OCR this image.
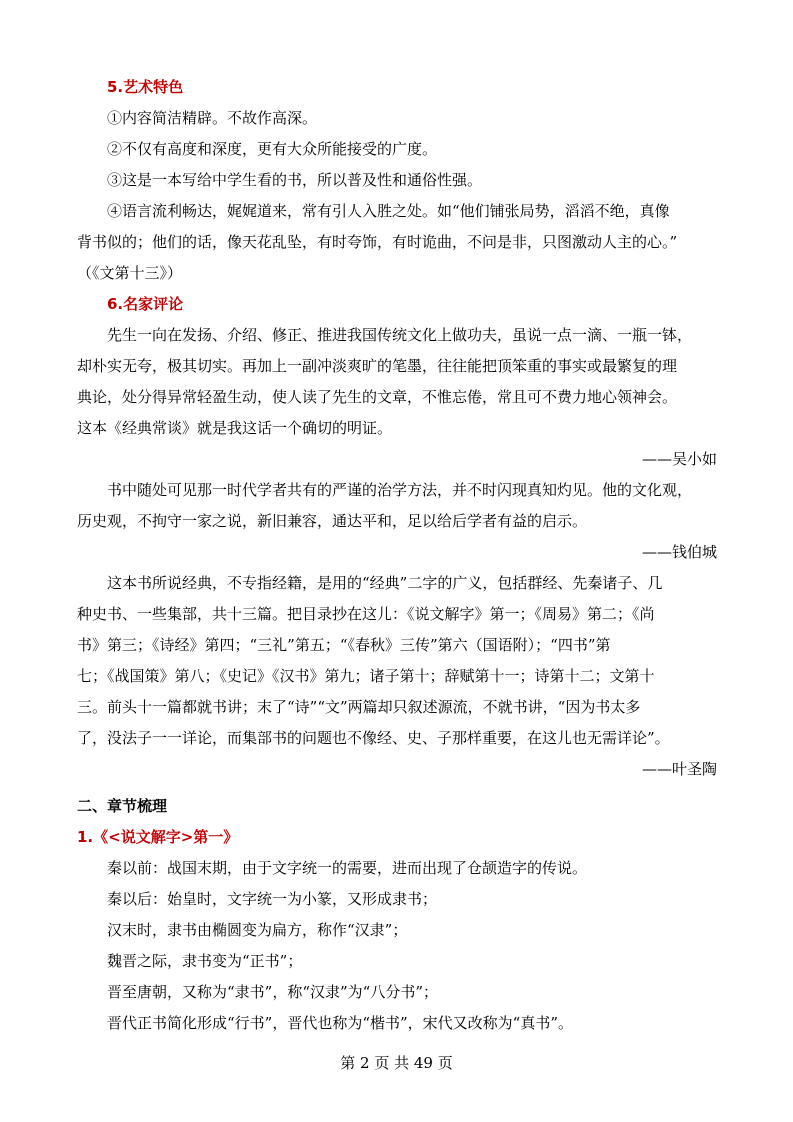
5.艺术特色
①内容简洁精辟。不故作高深。
②不仅有高度和深度，更有大众所能接受的广度。
③这是一本写给中学生看的书，所以普及性和通俗性强。
④语言流利畅达，娓娓道来，常有引人入胜之处。如“他们铺张局势，滔滔不绝，真像
背书似的；他们的话，像天花乱坠，有时夸饰，有时诡曲，不问是非，只图激动人主的心。”
（《文第十三》）
6.名家评论
先生一向在发扬、介绍、修正、推进我国传统文化上做功夫，虽说一点一滴、一瓶一钵，
却朴实无夸，极其切实。再加上一副冲淡爽旷的笔墨，往往能把顶笨重的事实或最繁复的理
典论，处分得异常轻盈生动，使人读了先生的文章，不惟忘倦，常且可不费力地心领神会。
这本《经典常谈》就是我这话一个确切的明证。
——吴小如
书中随处可见那一时代学者共有的严谨的治学方法，并不时闪现真知灼见。他的文化观，
历史观，不拘守一家之说，新旧兼容，通达平和，足以给后学者有益的启示。
——钱伯城
这本书所说经典，不专指经籍，是用的“经典”二字的广义，包括群经、先秦诸子、几
种史书、一些集部，共十三篇。把目录抄在这儿：《说文解字》第一；《周易》第二；《尚
书》第三；《诗经》第四；“三礼”第五；“《春秋》三传”第六（国语附）；“四书”第
七；《战国策》第八；《史记》《汉书》第九；诸子第十；辞赋第十一；诗第十二；文第十
三。前头十一篇都就书讲；末了“诗”“文”两篇却只叙述源流，不就书讲，“因为书太多
了，没法子一一详论，而集部书的问题也不像经、史、子那样重要，在这儿也无需详论”。
——叶圣陶
二、章节梳理
1.《<说文解字>第一》
秦以前：战国末期，由于文字统一的需要，进而出现了仓颉造字的传说。
秦以后：始皇时，文字统一为小篆，又形成隶书；
汉末时，隶书由椭圆变为扁方，称作“汉隶”；
魏晋之际，隶书变为“正书”；
晋至唐朝，又称为“隶书”，称“汉隶”为“八分书”；
晋代正书简化形成“行书”，晋代也称为“楷书”，宋代又改称为“真书”。
第 2 页 共 49 页
